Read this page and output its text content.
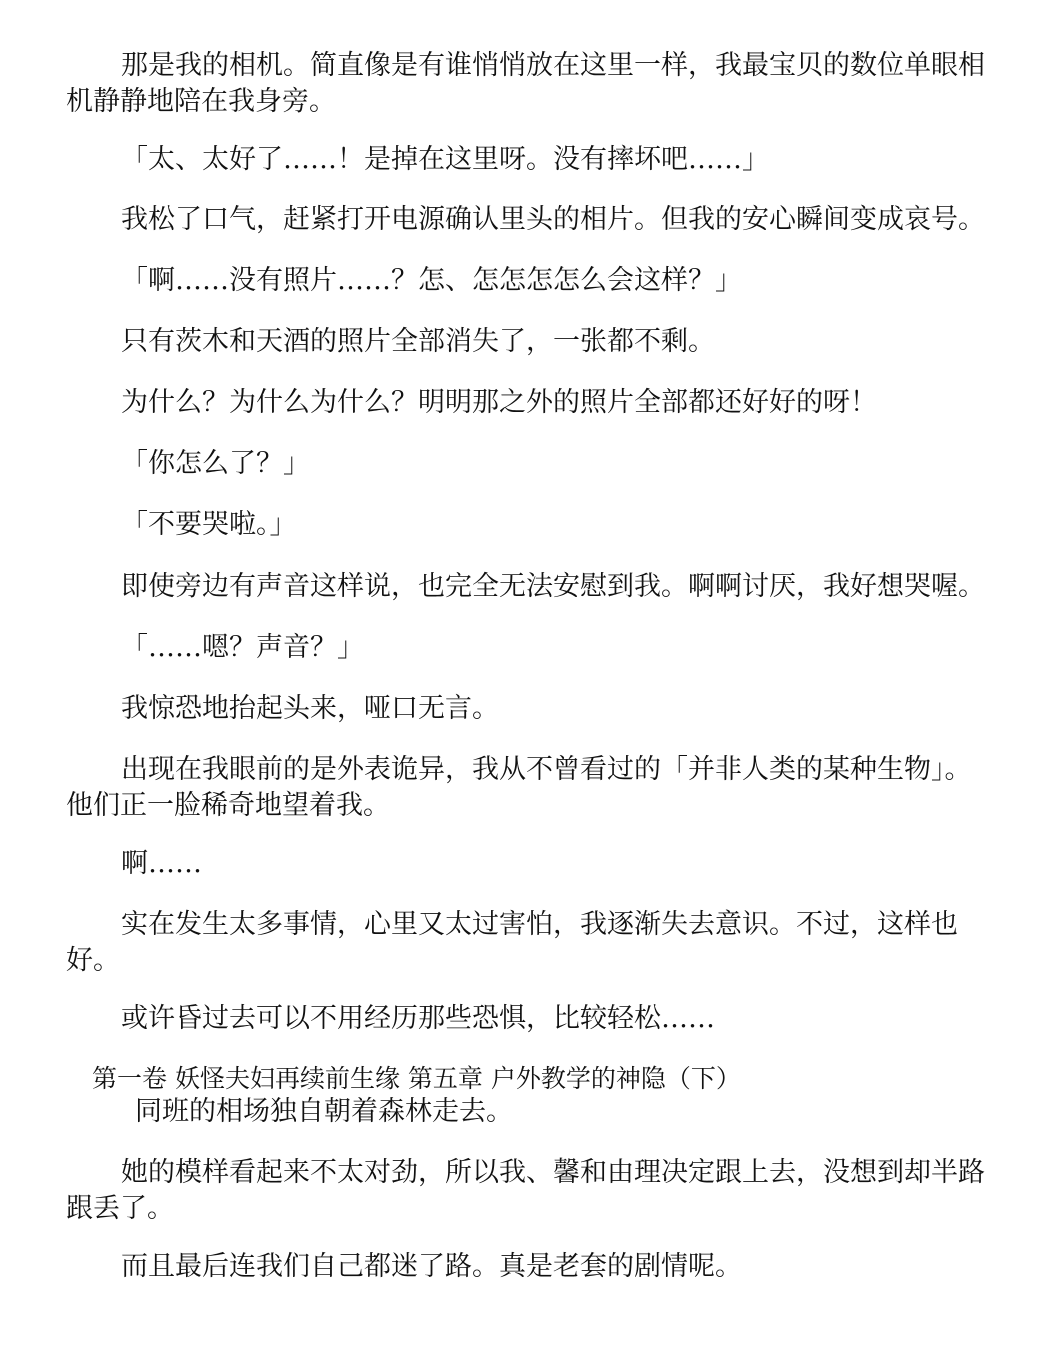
那是我的相机。简直像是有谁悄悄放在这里一样，我最宝贝的数位单眼相机静静地陪在我身旁。

「太、太好了……！是掉在这里呀。没有摔坏吧……」

我松了口气，赶紧打开电源确认里头的相片。但我的安心瞬间变成哀号。

「啊……没有照片……？怎、怎怎怎怎么会这样？」

只有茨木和天酒的照片全部消失了，一张都不剩。

为什么？为什么为什么？明明那之外的照片全部都还好好的呀！

「你怎么了？」

「不要哭啦。」

即使旁边有声音这样说，也完全无法安慰到我。啊啊讨厌，我好想哭喔。

「……嗯？声音？」

我惊恐地抬起头来，哑口无言。

出现在我眼前的是外表诡异，我从不曾看过的「并非人类的某种生物」。他们正一脸稀奇地望着我。

啊……

实在发生太多事情，心里又太过害怕，我逐渐失去意识。不过，这样也好。

或许昏过去可以不用经历那些恐惧，比较轻松……

第一卷 妖怪夫妇再续前生缘 第五章 户外教学的神隐（下）

同班的相场独自朝着森林走去。

她的模样看起来不太对劲，所以我、馨和由理决定跟上去，没想到却半路跟丢了。

而且最后连我们自己都迷了路。真是老套的剧情呢。
